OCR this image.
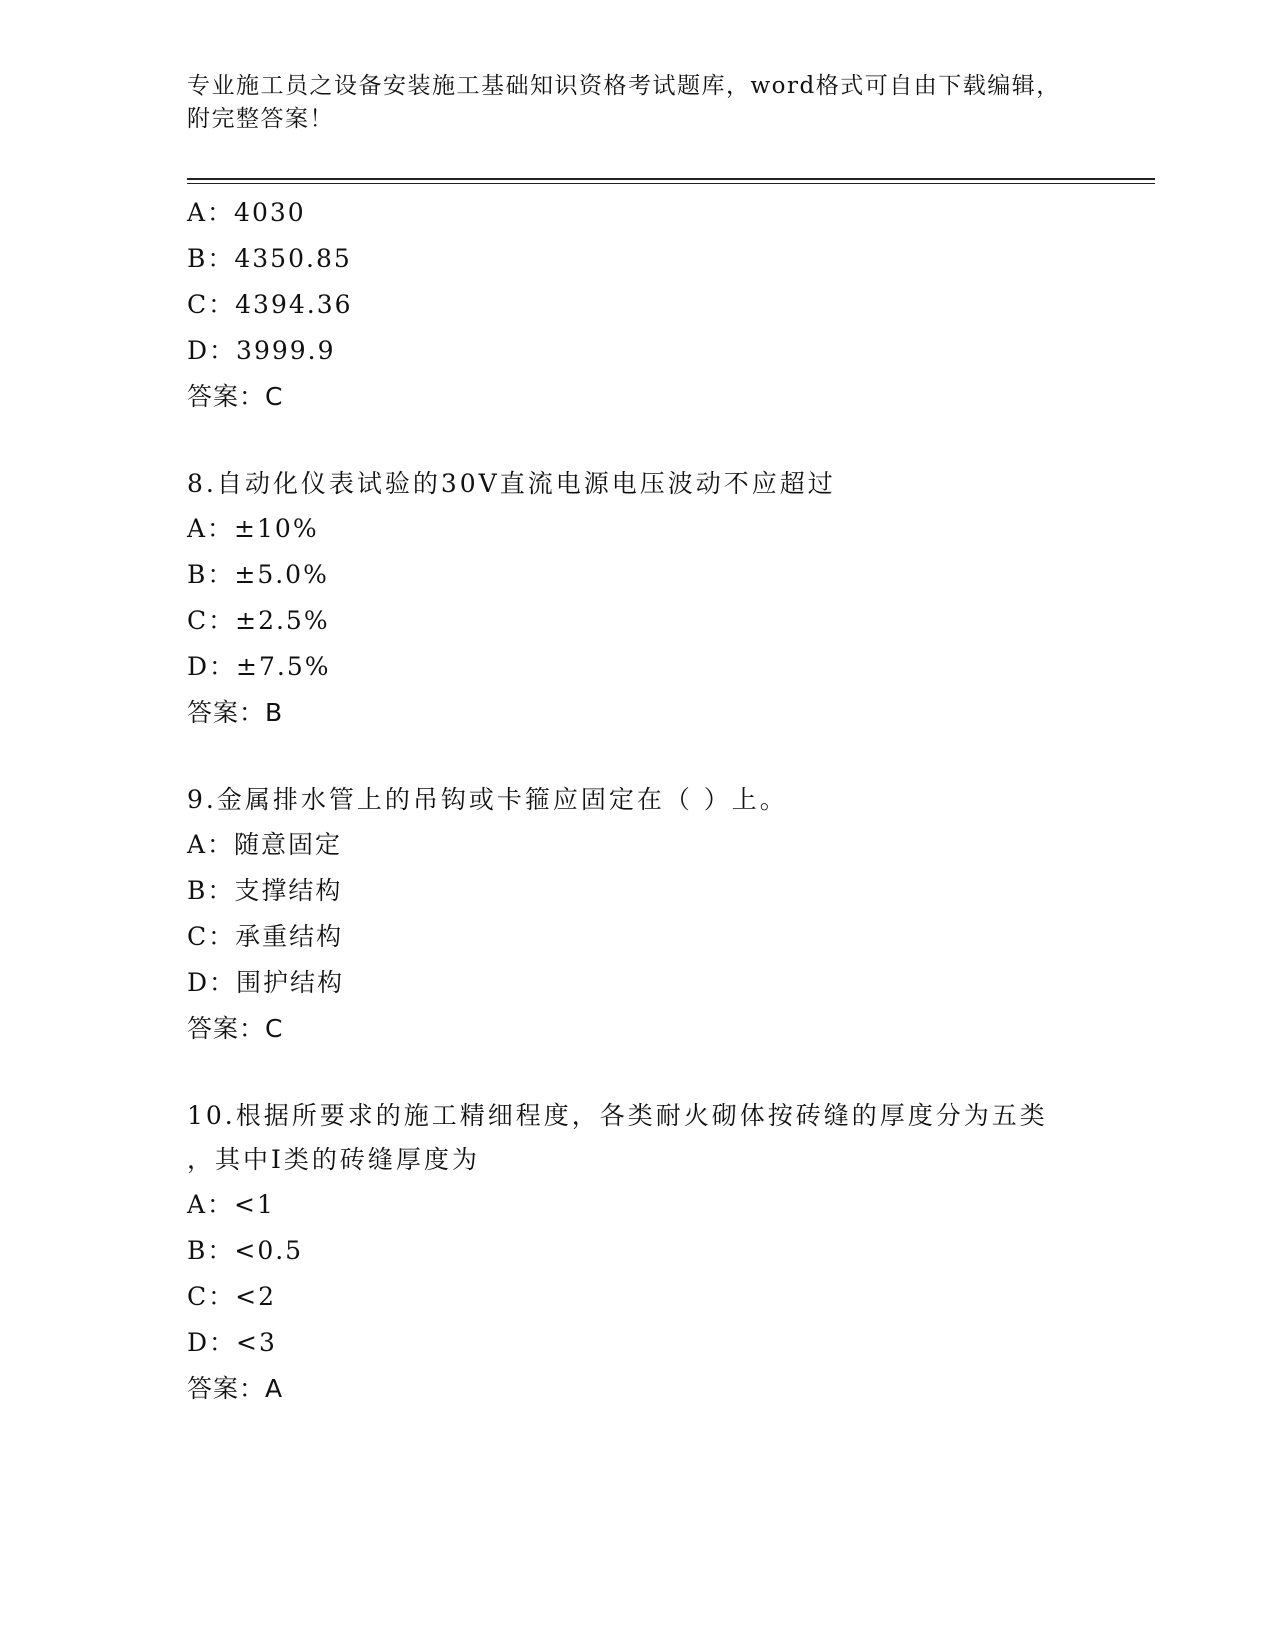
专业施工员之设备安装施工基础知识资格考试题库，word格式可自由下载编辑，
附完整答案！
A：4030
B：4350.85
C：4394.36
D：3999.9
答案：C
8.自动化仪表试验的30V直流电源电压波动不应超过
A：±10%
B：±5.0%
C：±2.5%
D：±7.5%
答案：B
9.金属排水管上的吊钩或卡箍应固定在（ ）上。
A：随意固定
B：支撑结构
C：承重结构
D：围护结构
答案：C
10.根据所要求的施工精细程度，各类耐火砌体按砖缝的厚度分为五类
，其中I类的砖缝厚度为
A：<1
B：<0.5
C：<2
D：<3
答案：A
